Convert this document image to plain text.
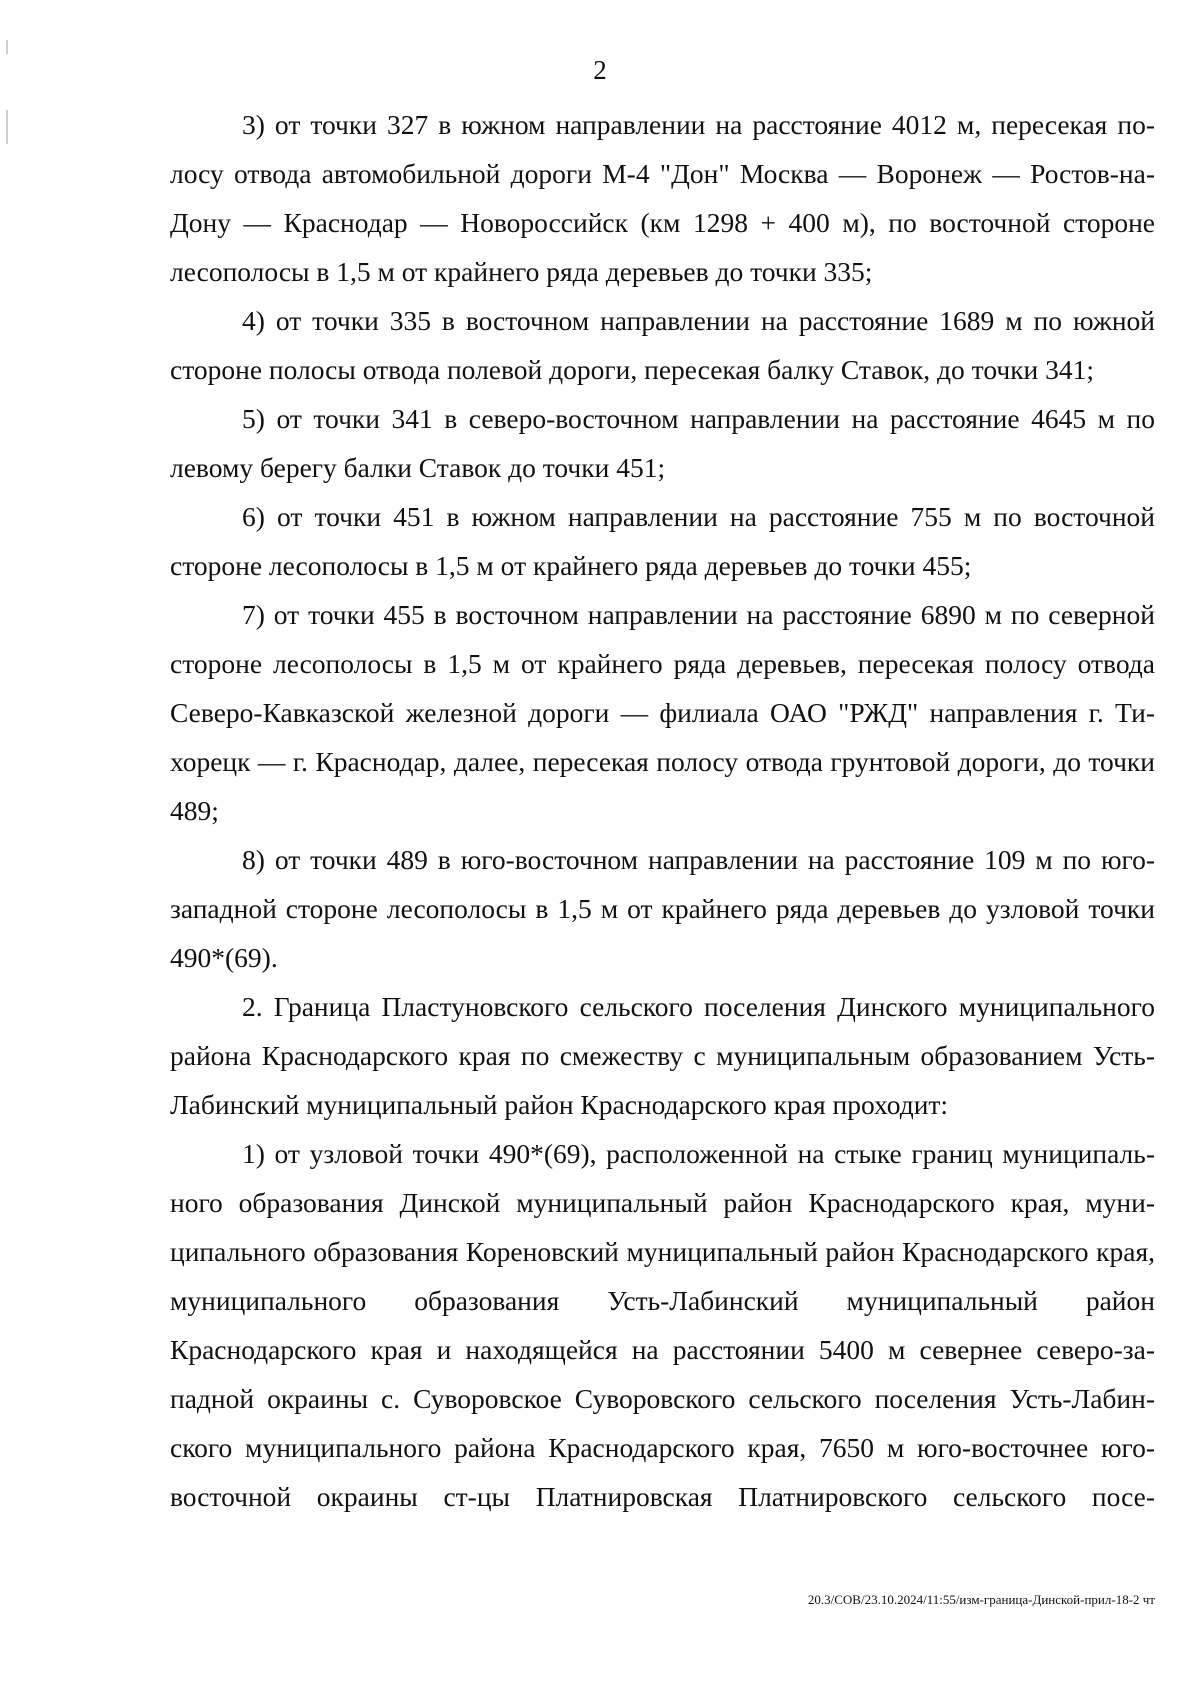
2

3) от точки 327 в южном направлении на расстояние 4012 м, пересекая полосу отвода автомобильной дороги М-4 "Дон" Москва — Воронеж — Ростов-на-Дону — Краснодар — Новороссийск (км 1298 + 400 м), по восточной стороне лесополосы в 1,5 м от крайнего ряда деревьев до точки 335;

4) от точки 335 в восточном направлении на расстояние 1689 м по южной стороне полосы отвода полевой дороги, пересекая балку Ставок, до точки 341;

5) от точки 341 в северо-восточном направлении на расстояние 4645 м по левому берегу балки Ставок до точки 451;

6) от точки 451 в южном направлении на расстояние 755 м по восточной стороне лесополосы в 1,5 м от крайнего ряда деревьев до точки 455;

7) от точки 455 в восточном направлении на расстояние 6890 м по северной стороне лесополосы в 1,5 м от крайнего ряда деревьев, пересекая полосу отвода Северо-Кавказской железной дороги — филиала ОАО "РЖД" направления г. Тихорецк — г. Краснодар, далее, пересекая полосу отвода грунтовой дороги, до точки 489;

8) от точки 489 в юго-восточном направлении на расстояние 109 м по юго-западной стороне лесополосы в 1,5 м от крайнего ряда деревьев до узловой точки 490*(69).

2. Граница Пластуновского сельского поселения Динского муниципального района Краснодарского края по смежеству с муниципальным образованием Усть-Лабинский муниципальный район Краснодарского края проходит:

1) от узловой точки 490*(69), расположенной на стыке границ муниципального образования Динской муниципальный район Краснодарского края, муниципального образования Кореновский муниципальный район Краснодарского края, муниципального образования Усть-Лабинский муниципальный район Краснодарского края и находящейся на расстоянии 5400 м севернее северо-западной окраины с. Суворовское Суворовского сельского поселения Усть-Лабинского муниципального района Краснодарского края, 7650 м юго-восточнее юго-восточной окраины ст-цы Платнировская Платнировского сельского посе-

20.3/СОВ/23.10.2024/11:55/изм-граница-Динской-прил-18-2 чт
